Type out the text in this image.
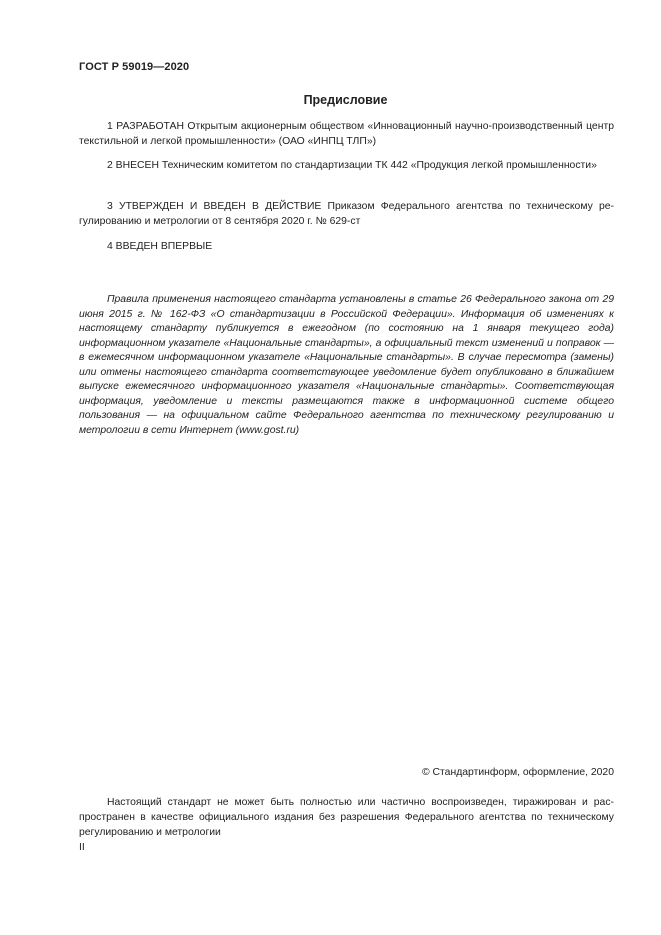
ГОСТ Р 59019—2020
Предисловие
1 РАЗРАБОТАН Открытым акционерным обществом «Инновационный научно-производственный центр текстильной и легкой промышленности» (ОАО «ИНПЦ ТЛП»)
2 ВНЕСЕН Техническим комитетом по стандартизации ТК 442 «Продукция легкой промышленности»
3 УТВЕРЖДЕН И ВВЕДЕН В ДЕЙСТВИЕ Приказом Федерального агентства по техническому регулированию и метрологии от 8 сентября 2020 г. № 629-ст
4 ВВЕДЕН ВПЕРВЫЕ
Правила применения настоящего стандарта установлены в статье 26 Федерального закона от 29 июня 2015 г. № 162-ФЗ «О стандартизации в Российской Федерации». Информация об изменениях к настоящему стандарту публикуется в ежегодном (по состоянию на 1 января текущего года) информационном указателе «Национальные стандарты», а официальный текст изменений и поправок — в ежемесячном информационном указателе «Национальные стандарты». В случае пересмотра (замены) или отмены настоящего стандарта соответствующее уведомление будет опубликовано в ближайшем выпуске ежемесячного информационного указателя «Национальные стандарты». Соответствующая информация, уведомление и тексты размещаются также в информационной системе общего пользования — на официальном сайте Федерального агентства по техническому регулированию и метрологии в сети Интернет (www.gost.ru)
© Стандартинформ, оформление, 2020
Настоящий стандарт не может быть полностью или частично воспроизведен, тиражирован и распространен в качестве официального издания без разрешения Федерального агентства по техническому регулированию и метрологии
II
